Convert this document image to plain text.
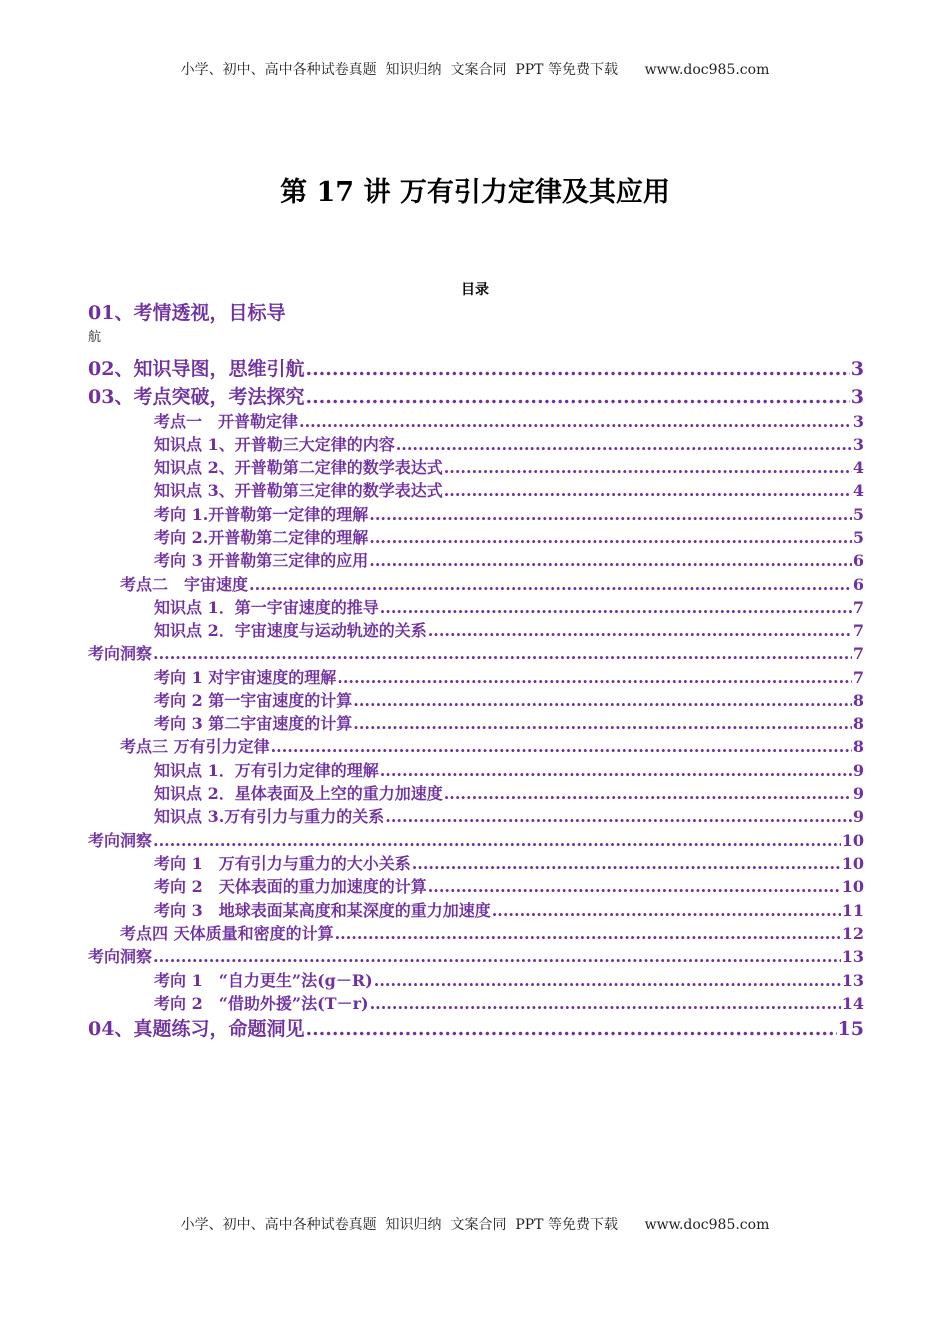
小学、初中、高中各种试卷真题  知识归纳  文案合同  PPT 等免费下载      www.doc985.com
第 17 讲 万有引力定律及其应用
目录
01、考情透视，目标导
02、知识导图，思维引航 .....	3
03、考点突破，考法探究 .....	3
考点一　开普勒定律 .....	3
知识点 1、开普勒三大定律的内容 .....	3
知识点 2、开普勒第二定律的数学表达式 .....	4
知识点 3、开普勒第三定律的数学表达式 .....	4
考向 1.开普勒第一定律的理解 .....	5
考向 2.开普勒第二定律的理解 .....	5
考向 3 开普勒第三定律的应用 .....	6
考点二　宇宙速度 .....	6
知识点 1．第一宇宙速度的推导 .....	7
知识点 2．宇宙速度与运动轨迹的关系 .....	7
考向洞察 .....	7
考向 1 对宇宙速度的理解 .....	7
考向 2 第一宇宙速度的计算 .....	8
考向 3 第二宇宙速度的计算 .....	8
考点三 万有引力定律 .....	8
知识点 1．万有引力定律的理解 .....	9
知识点 2．星体表面及上空的重力加速度 .....	9
知识点 3.万有引力与重力的关系 .....	9
考向洞察 .....	10
考向 1　万有引力与重力的大小关系 .....	10
考向 2　天体表面的重力加速度的计算 .....	10
考向 3　地球表面某高度和某深度的重力加速度 .....	11
考点四 天体质量和密度的计算 .....	12
考向洞察 .....	13
考向 1　“自力更生”法(g－R) .....	13
考向 2　“借助外援”法(T－r) .....	14
04、真题练习，命题洞见 .....	15
航
小学、初中、高中各种试卷真题  知识归纳  文案合同  PPT 等免费下载      www.doc985.com
